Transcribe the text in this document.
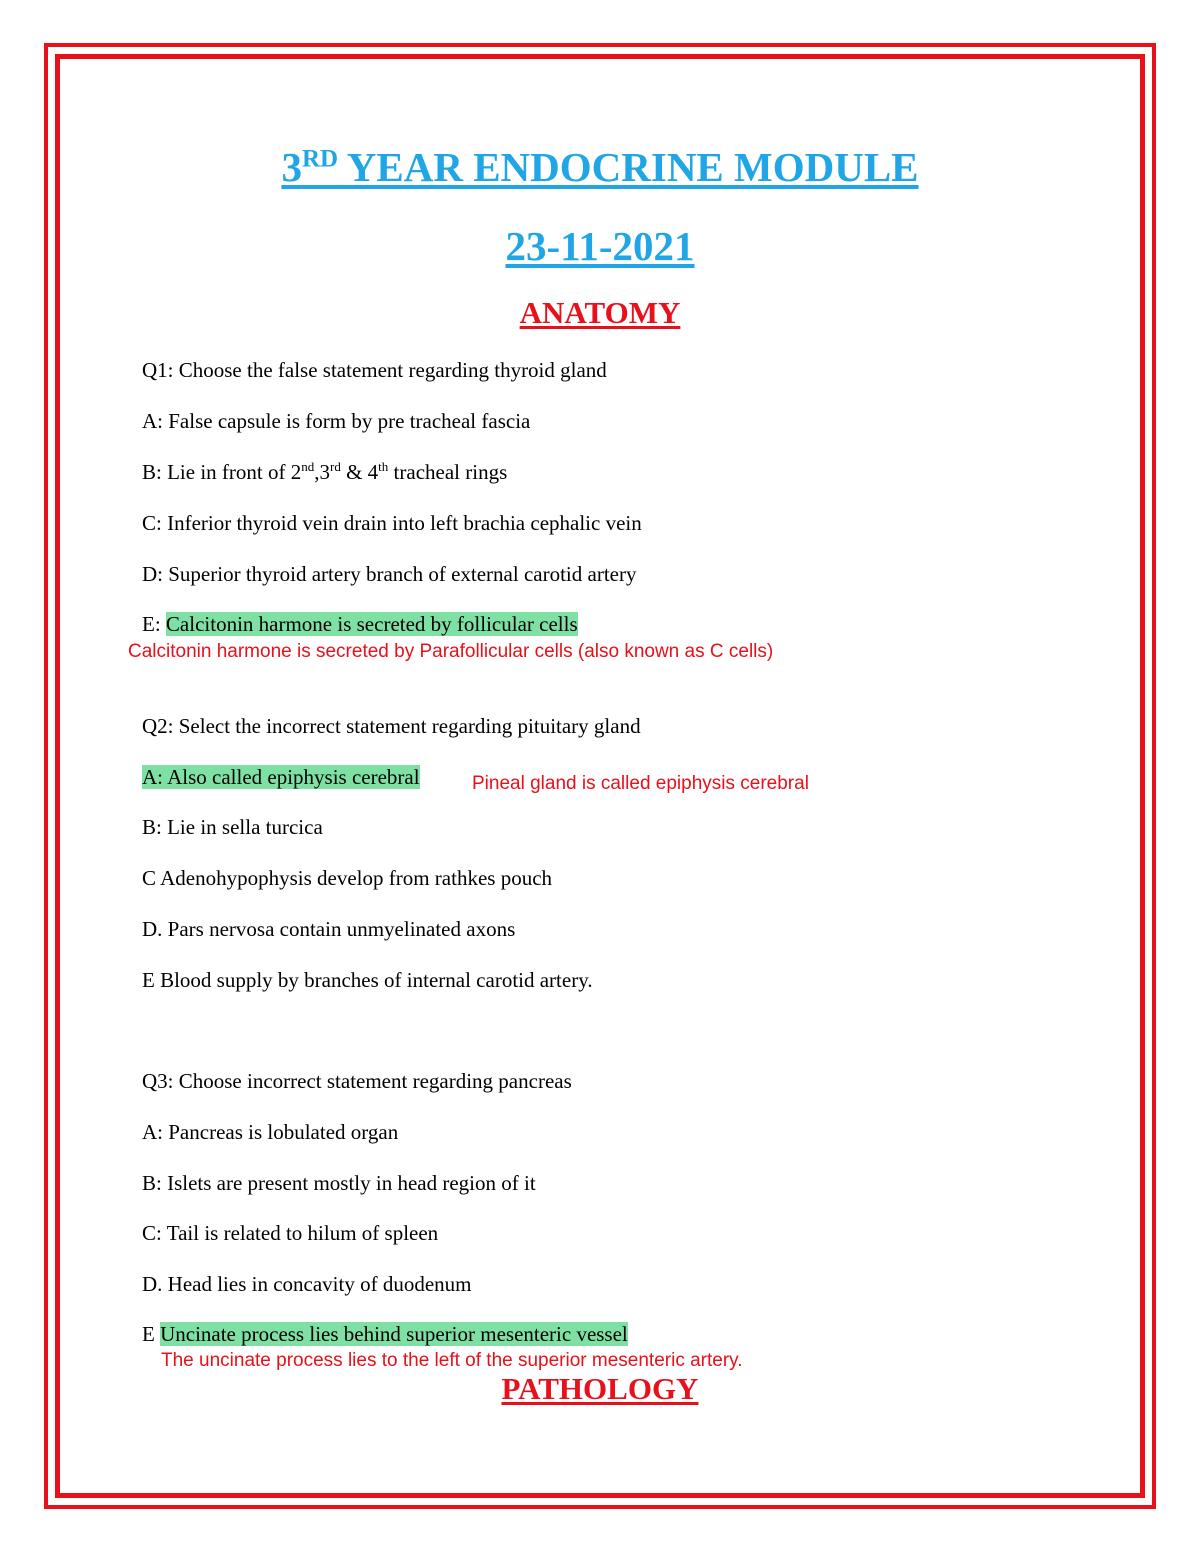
3RD YEAR ENDOCRINE MODULE
23-11-2021
ANATOMY
Q1: Choose the false statement regarding thyroid gland
A: False capsule is form by pre tracheal fascia
B: Lie in front of 2nd,3rd & 4th tracheal rings
C: Inferior thyroid vein drain into left brachia cephalic vein
D: Superior thyroid artery branch of external carotid artery
E: Calcitonin harmone is secreted by follicular cells
Calcitonin harmone is secreted by Parafollicular cells (also known as C cells)
Q2: Select the incorrect statement regarding pituitary gland
A: Also called epiphysis cerebral	Pineal gland is called epiphysis cerebral
B: Lie in sella turcica
C Adenohypophysis develop from rathkes pouch
D. Pars nervosa contain unmyelinated axons
E Blood supply by branches of internal carotid artery.
Q3: Choose incorrect statement regarding pancreas
A: Pancreas is lobulated organ
B: Islets are present mostly in head region of it
C: Tail is related to hilum of spleen
D. Head lies in concavity of duodenum
E Uncinate process lies behind superior mesenteric vessel
The uncinate process lies to the left of the superior mesenteric artery.
PATHOLOGY
